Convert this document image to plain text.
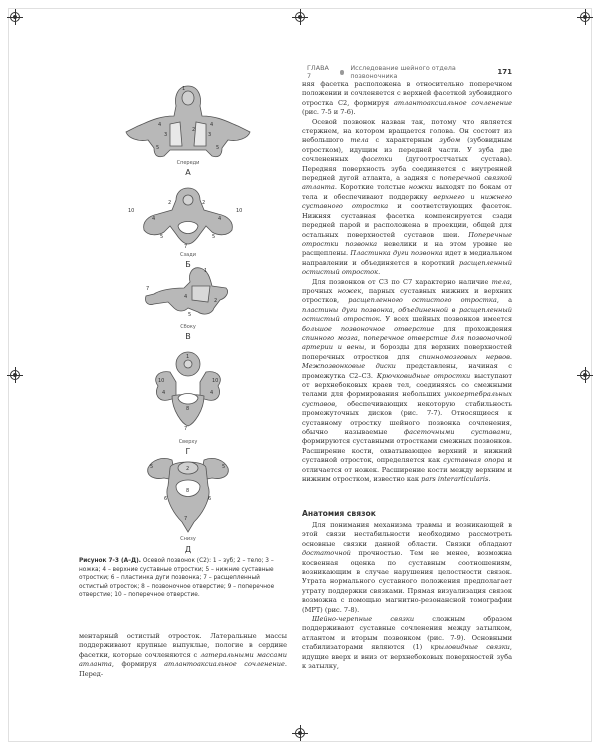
ГЛАВА 7
Исследование шейного отдела позвоночника	171
1
2
4	4
3	3
5	5
Спереди
А
10	10
4	4
2	2
7
5	5
Сзади
Б
1
7
4
2
5
Сбоку
В
1
10	10
8
7
4	4
Сверху
Г
2
5	5
8
7
6	6
Снизу
Д
Рисунок 7-3 (А–Д). Осевой позвонок (С2): 1 – зуб; 2 – тело; 3 – ножка; 4 – верхние суставные отростки; 5 – нижние суставные отростки; 6 – пластинка дуги позвонка; 7 – расщепленный остистый отросток; 8 – позвоночное отверстие; 9 – поперечное отверстие; 10 – поперечное отверстие.

ментарный остистый отросток. Латеральные массы поддерживают крупные выпуклые, пологие в сердине фасетки, которые сочленяются с латеральными массами атланта, формируя атлантоаксиальное сочленение. Перед-

няя фасетка расположена в относительно поперечном положении и сочленяется с верхней фасеткой зубовидного отростка С2, формируя атлантоаксиальное сочленение (рис. 7-5 и 7-6).

Осевой позвонок назван так, потому что является стержнем, на котором вращается голова. Он состоит из небольшого тела с характерным зубом (зубовидным отростком), идущим из передней части. У зуба две сочлененных фасетки (дугоотростчатых сустава). Передняя поверхность зуба соединяется с внутренней передней дугой атланта, а задняя с поперечной связкой атланта. Короткие толстые ножки выходят по бокам от тела и обеспечивают поддержку верхнего и нижнего суставного отростка и соответствующих фасеток. Нижняя суставная фасетка компенсируется сзади передней парой и расположена в проекции, общей для остальных поверхностей суставов шеи. Поперечные отростки позвонка невелики и на этом уровне не расщеплены. Пластинка дуги позвонка идет в медиальном направлении и объединяется в короткий расщепленный остистый отросток.

Для позвонков от С3 по С7 характерно наличие тела, прочных ножек, парных суставных нижних и верхних отростков, расщепленного остистого отростка, а пластины дуги позвонка, объединенной в расщепленный остистый отросток. У всех шейных позвонков имеется большое позвоночное отверстие для прохождения спинного мозга, поперечное отверстие для позвоночной артерии и вены, и борозды для верхних поверхностей поперечных отростков для спинномозговых нервов. Межпозвонковые диски представлены, начиная с промежутка С2–С3. Крючковидные отростки выступают от верхнебоковых краев тел, соединяясь со смежными телами для формирования небольших ункоертебральных суставов, обеспечивающих некоторую стабильность промежуточных дисков (рис. 7-7). Относящиеся к суставному отростку шейного позвонка сочленения, обычно называемые фасеточными суставами, формируются суставными отростками смежных позвонков. Расширение кости, охватывающее верхний и нижний суставной отросток, определяется как суставная опора и отличается от ножек. Расширение кости между верхним и нижним отростком, известно как pars interarticularis.

Анатомия связок

Для понимания механизма травмы и возникающей в этой связи нестабильности необходимо рассмотреть основные связки данной области. Связки обладают достаточной прочностью. Тем не менее, возможна косвенная оценка по суставным соотношениям, возникающим в случае нарушения целостности связок. Утрата нормального суставного положения предполагает утрату поддержки связками. Прямая визуализация связок возможна с помощью магнитно-резонансной томографии (МРТ) (рис. 7-8).

Шейно-черепные связки сложным образом поддерживают суставные сочленения между затылком, атлантом и вторым позвонком (рис. 7-9). Основными стабилизаторами являются (1) крыловидные связки, идущие вверх и вниз от верхнебоковых поверхностей зуба к затылку,
